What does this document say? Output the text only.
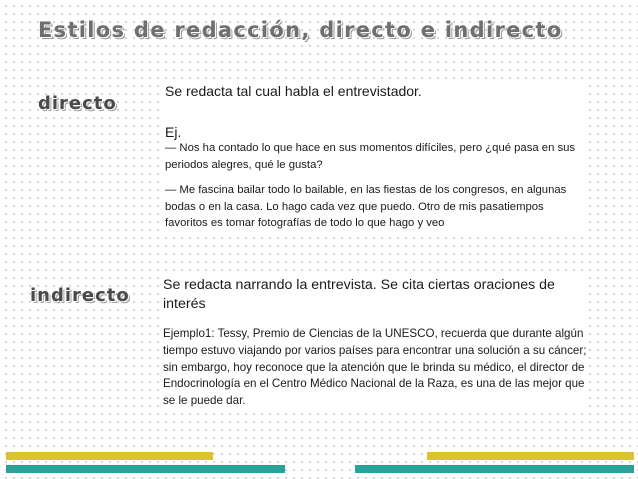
Estilos de redacción, directo e indirecto
directo

Se redacta tal cual habla el entrevistador.

Ej.

— Nos ha contado lo que hace en sus momentos difíciles, pero ¿qué pasa en sus periodos alegres, qué le gusta?

— Me fascina bailar todo lo bailable, en las fiestas de los congresos, en algunas bodas o en la casa. Lo hago cada vez que puedo. Otro de mis pasatiempos favoritos es tomar fotografías de todo lo que hago y veo

indirecto Se redacta narrando la entrevista. Se cita ciertas oraciones de interés

Ejemplo1: Tessy, Premio de Ciencias de la UNESCO, recuerda que durante algún tiempo estuvo viajando por varios países para encontrar una solución a su cáncer; sin embargo, hoy reconoce que la atención que le brinda su médico, el director de Endocrinología en el Centro Médico Nacional de la Raza, es una de las mejor que se le puede dar.
